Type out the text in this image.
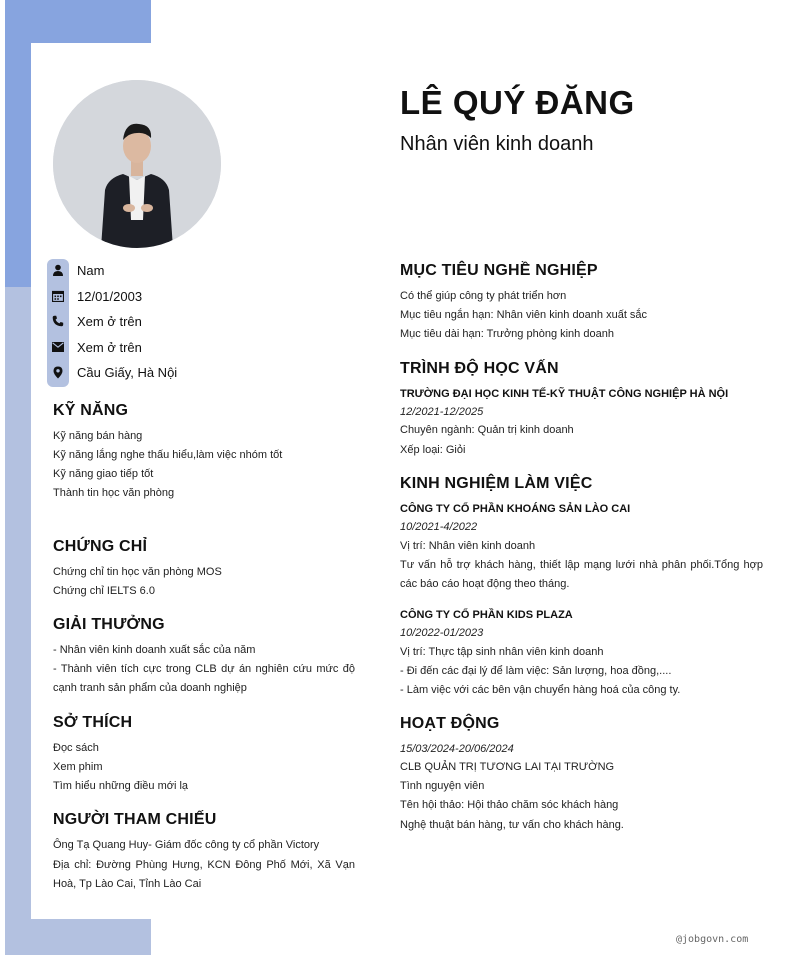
Nam
12/01/2003
Xem ở trên
Xem ở trên
Cầu Giấy, Hà Nội
KỸ NĂNG
Kỹ năng bán hàng
Kỹ năng lắng nghe thấu hiểu,làm việc nhóm tốt
Kỹ năng giao tiếp tốt
Thành tin học văn phòng
CHỨNG CHỈ
Chứng chỉ tin học văn phòng MOS
Chứng chỉ IELTS 6.0
GIẢI THƯỞNG
- Nhân viên kinh doanh xuất sắc của năm
- Thành viên tích cực trong CLB dự án nghiên cứu mức độ cạnh tranh sản phẩm của doanh nghiệp
SỞ THÍCH
Đọc sách
Xem phim
Tìm hiểu những điều mới lạ
NGƯỜI THAM CHIẾU
Ông Tạ Quang Huy- Giám đốc công ty cổ phần Victory
Địa chỉ: Đường Phùng Hưng, KCN Đông Phố Mới, Xã Vạn Hoà, Tp Lào Cai, Tỉnh Lào Cai
LÊ QUÝ ĐĂNG
Nhân viên kinh doanh
MỤC TIÊU NGHỀ NGHIỆP
Có thể giúp công ty phát triển hơn
Mục tiêu ngắn hạn: Nhân viên kinh doanh xuất sắc
Mục tiêu dài hạn: Trưởng phòng kinh doanh
TRÌNH ĐỘ HỌC VẤN
TRƯỜNG ĐẠI HỌC KINH TẾ-KỸ THUẬT CÔNG NGHIỆP HÀ NỘI
12/2021-12/2025
Chuyên ngành: Quản trị kinh doanh
Xếp loại: Giỏi
KINH NGHIỆM LÀM VIỆC
CÔNG TY CỔ PHẦN KHOÁNG SẢN LÀO CAI
10/2021-4/2022
Vị trí: Nhân viên kinh doanh
Tư vấn hỗ trợ khách hàng, thiết lập mạng lưới nhà phân phối.Tổng hợp các báo cáo hoạt động theo tháng.
CÔNG TY CỔ PHẦN KIDS PLAZA
10/2022-01/2023
Vị trí: Thực tập sinh nhân viên kinh doanh
- Đi đến các đại lý để làm việc: Sản lượng, hoa đồng,....
- Làm việc với các bên vận chuyển hàng hoá của công ty.
HOẠT ĐỘNG
15/03/2024-20/06/2024
CLB QUẢN TRỊ TƯƠNG LAI TẠI TRƯỜNG
Tình nguyện viên
Tên hội thảo: Hội thảo chăm sóc khách hàng
Nghệ thuật bán hàng, tư vấn cho khách hàng.
@jobgovn.com
